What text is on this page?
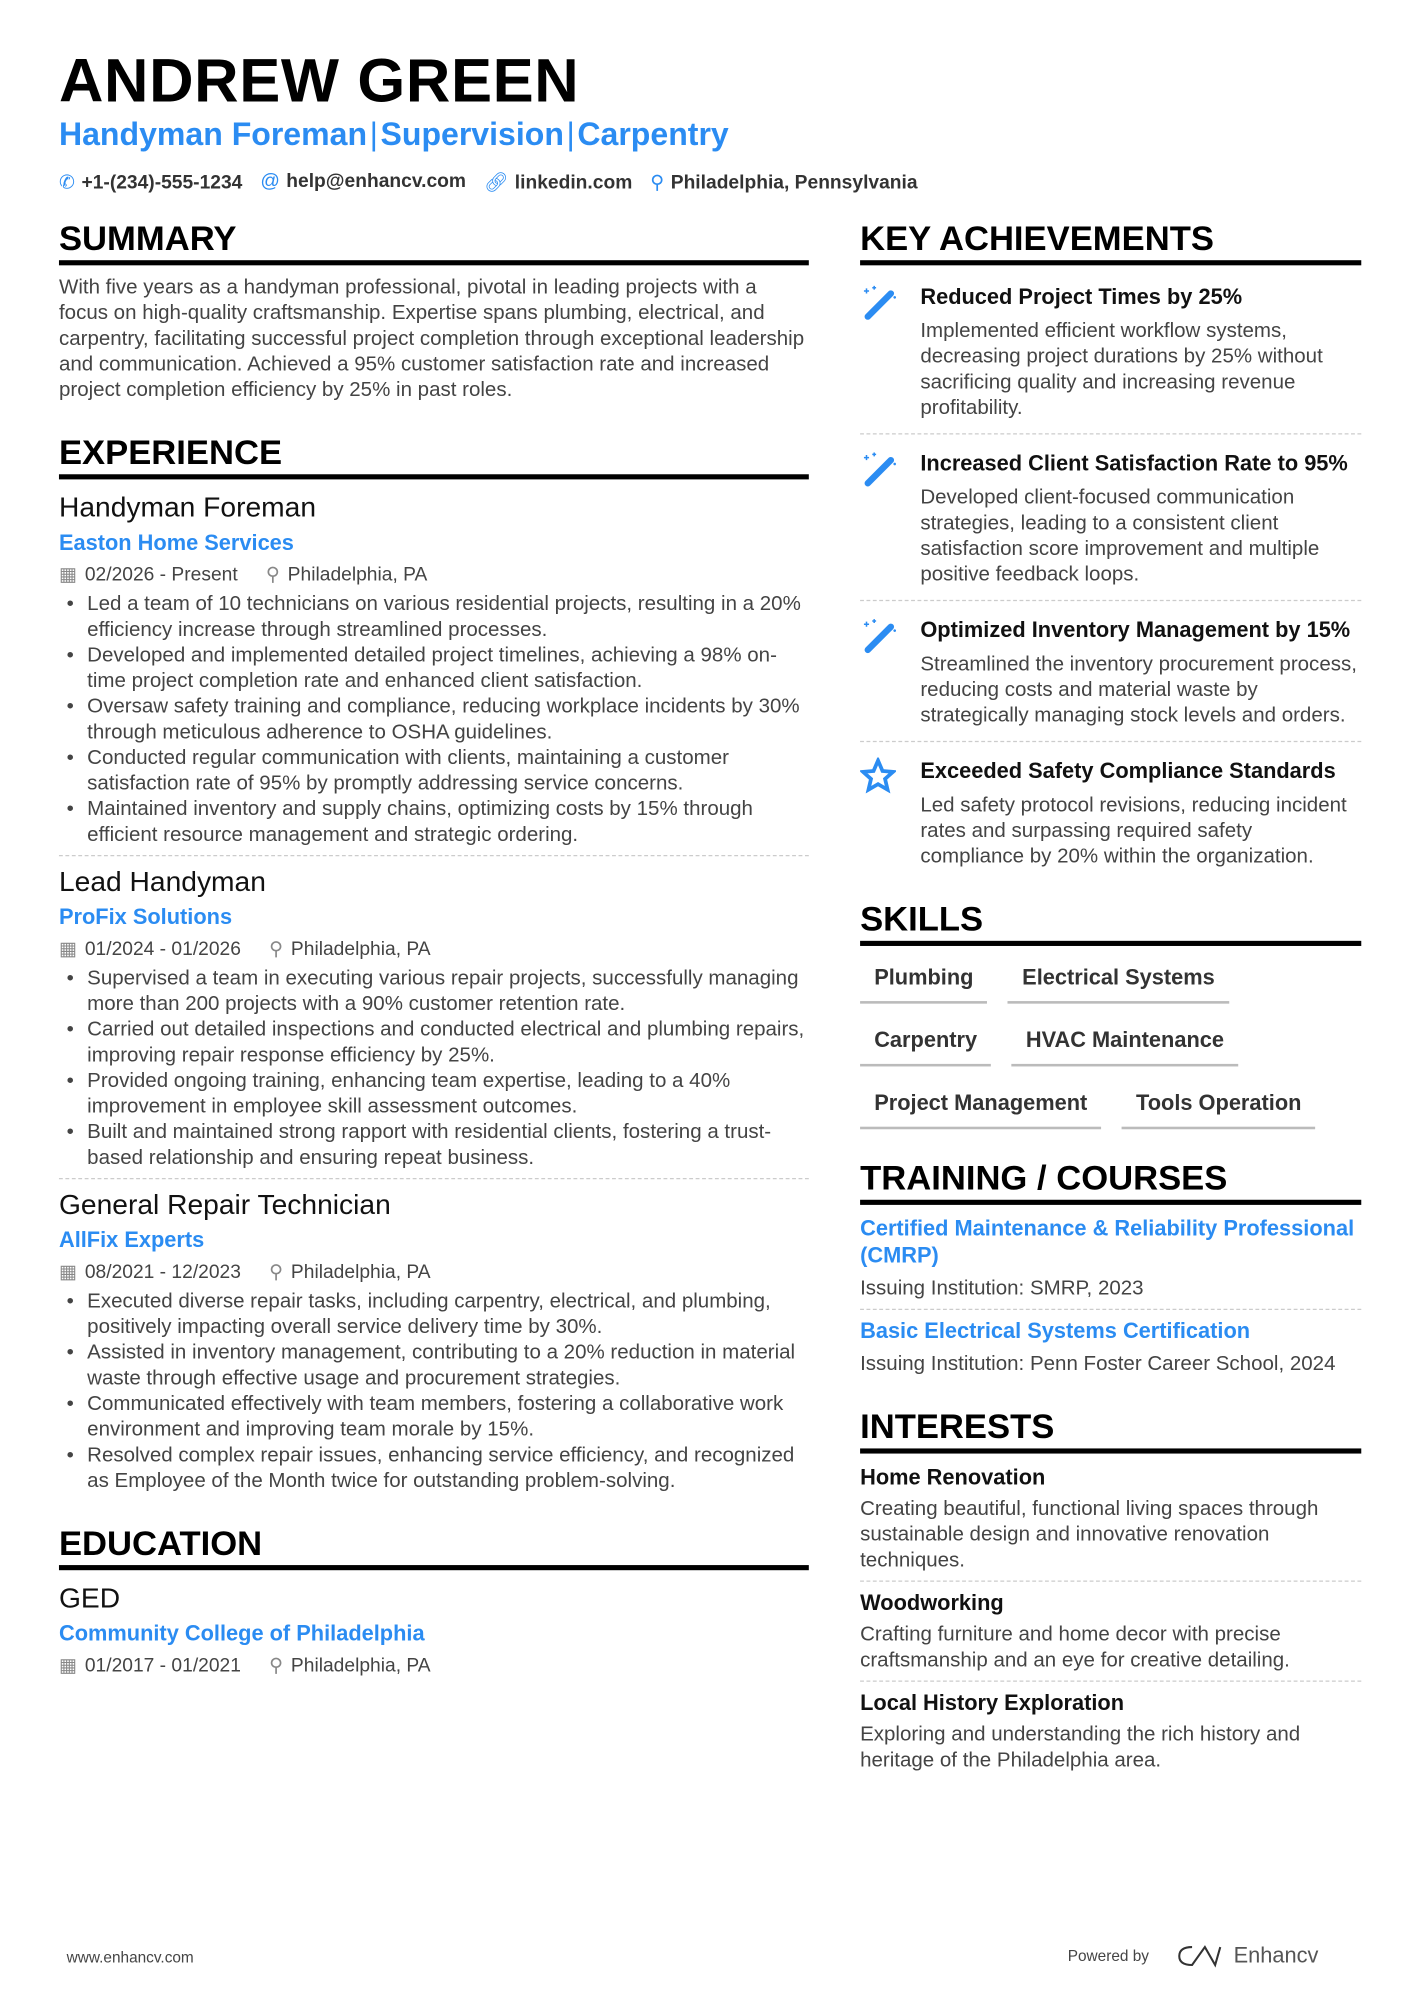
ANDREW GREEN
Handyman Foreman | Supervision | Carpentry
✆ +1-(234)-555-1234 @ help@enhancv.com 🔗︎ linkedin.com ⚲ Philadelphia, Pennsylvania
SUMMARY
With five years as a handyman professional, pivotal in leading projects with a focus on high-quality craftsmanship. Expertise spans plumbing, electrical, and carpentry, facilitating successful project completion through exceptional leadership and communication. Achieved a 95% customer satisfaction rate and increased project completion efficiency by 25% in past roles.
EXPERIENCE
Handyman Foreman
Easton Home Services
▦ 02/2026 - Present ⚲ Philadelphia, PA
• Led a team of 10 technicians on various residential projects, resulting in a 20% efficiency increase through streamlined processes.
• Developed and implemented detailed project timelines, achieving a 98% on-time project completion rate and enhanced client satisfaction.
• Oversaw safety training and compliance, reducing workplace incidents by 30% through meticulous adherence to OSHA guidelines.
• Conducted regular communication with clients, maintaining a customer satisfaction rate of 95% by promptly addressing service concerns.
• Maintained inventory and supply chains, optimizing costs by 15% through efficient resource management and strategic ordering.
Lead Handyman
ProFix Solutions
▦ 01/2024 - 01/2026 ⚲ Philadelphia, PA
• Supervised a team in executing various repair projects, successfully managing more than 200 projects with a 90% customer retention rate.
• Carried out detailed inspections and conducted electrical and plumbing repairs, improving repair response efficiency by 25%.
• Provided ongoing training, enhancing team expertise, leading to a 40% improvement in employee skill assessment outcomes.
• Built and maintained strong rapport with residential clients, fostering a trust-based relationship and ensuring repeat business.
General Repair Technician
AllFix Experts
▦ 08/2021 - 12/2023 ⚲ Philadelphia, PA
• Executed diverse repair tasks, including carpentry, electrical, and plumbing, positively impacting overall service delivery time by 30%.
• Assisted in inventory management, contributing to a 20% reduction in material waste through effective usage and procurement strategies.
• Communicated effectively with team members, fostering a collaborative work environment and improving team morale by 15%.
• Resolved complex repair issues, enhancing service efficiency, and recognized as Employee of the Month twice for outstanding problem-solving.
EDUCATION
GED
Community College of Philadelphia
▦ 01/2017 - 01/2021 ⚲ Philadelphia, PA
KEY ACHIEVEMENTS
Reduced Project Times by 25%
Implemented efficient workflow systems, decreasing project durations by 25% without sacrificing quality and increasing revenue profitability.
Increased Client Satisfaction Rate to 95%
Developed client-focused communication strategies, leading to a consistent client satisfaction score improvement and multiple positive feedback loops.
Optimized Inventory Management by 15%
Streamlined the inventory procurement process, reducing costs and material waste by strategically managing stock levels and orders.
Exceeded Safety Compliance Standards
Led safety protocol revisions, reducing incident rates and surpassing required safety compliance by 20% within the organization.
SKILLS
Plumbing	Electrical Systems
Carpentry	HVAC Maintenance
Project Management	Tools Operation
TRAINING / COURSES
Certified Maintenance & Reliability Professional (CMRP)
Issuing Institution: SMRP, 2023
Basic Electrical Systems Certification
Issuing Institution: Penn Foster Career School, 2024
INTERESTS
Home Renovation
Creating beautiful, functional living spaces through sustainable design and innovative renovation techniques.
Woodworking
Crafting furniture and home decor with precise craftsmanship and an eye for creative detailing.
Local History Exploration
Exploring and understanding the rich history and heritage of the Philadelphia area.
www.enhancv.com	Powered by	Enhancv
